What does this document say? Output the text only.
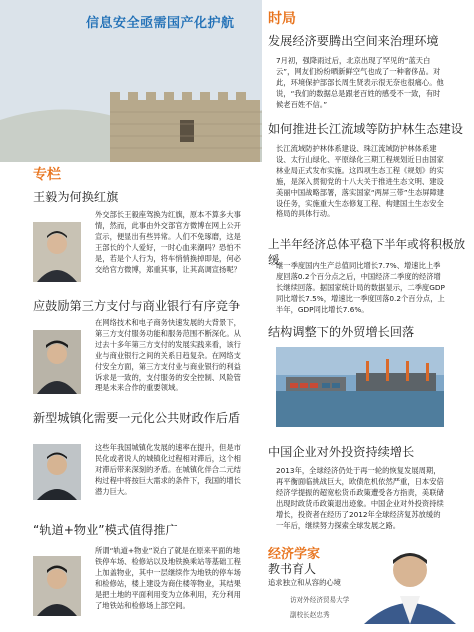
信息安全亟需国产化护航
专栏
王毅为何换红旗
外交部长王毅座驾换为红旗，原本不算多大事情，然而，此事由外交部官方微博在网上公开宣示，便显出有些异常。人们不免琢磨，这是王部长的个人爱好，一时心血来潮吗？恐怕不是，若是个人行为，将车悄悄换掉即是，何必交给官方微博，郑重其事，让其高调宣扬呢？
应鼓励第三方支付与商业银行有序竞争
在网络技术和电子商务快速发展的大背景下，第三方支付服务功能和服务范围不断深化。从过去十多年第三方支付的发展实践来看，该行业与商业银行之间的关系日趋复杂。在网络支付安全方面，第三方支付业与商业银行的利益诉求是一致的，支付服务的安全控制、风险管理是未来合作的重要领域。
新型城镇化需要一元化公共财政作后盾
这些年我国城镇化发展的速率在提升，但是市民化或者说人的城镇化过程相对滞后，这个相对滞后带来深刻的矛盾。在城镇化伴合二元结构过程中将按巨大需求的条件下，我国的增长潜力巨大。
“轨道+物业”模式值得推广
所谓“轨道+物业”说白了就是在原来平面的地铁停车场、检修站以及地铁换乘站等基础工程上加盖物业，其中一层继续作为地铁的停车场和检修站，楼上建设为商住楼等物业，其结果是把土地的平面利用变为立体利用，充分利用了地铁站和检修场上部空间。
时局
发展经济要腾出空间来治理环境
7月初，强降雨过后，北京出现了罕见的“蓝天白云”，网友们纷纷晒新鲜空气也成了一种奢侈品。对此，环境保护部部长周生贤表示很无奈也很痛心。他说，“我们的数据总是跟老百姓的感受不一致，有时候老百姓不信。”
如何推进长江流域等防护林生态建设
长江流域防护林体系建设、珠江流域防护林体系建设、太行山绿化、平原绿化三期工程规划近日由国家林业局正式发布实施。这四项生态工程《规划》的实施，是深入贯彻党的十八大关于推进生态文明、建设美丽中国战略部署，落实国家“两屏三带”生态屏障建设任务，实施重大生态修复工程、构建国土生态安全格局的具体行动。
上半年经济总体平稳下半年或将积极放缓
继一季度国内生产总值同比增长7.7%、增速比上季度回落0.2个百分点之后，中国经济二季度的经济增长继续回落。据国家统计局的数据显示，二季度GDP同比增长7.5%，增速比一季度回落0.2个百分点，上半年，GDP同比增长7.6%。
结构调整下的外贸增长回落
中国企业对外投资持续增长
2013年，全球经济仍处于再一轮的恢复发展周期，再平衡面临挑战巨大，欧债危机依然严重，日本安倍经济学提振的超宽松货币政策遭受各方指责，美联储出现时政货币政策退出迹象。中国企业对外投资持续增长，投资者在经历了2012年全球经济复苏放缓的一年后，继续努力探索全球发展之路。
经济学家
教书育人
追求独立和从容的心境
访对外经济贸易大学
副校长赵忠秀
